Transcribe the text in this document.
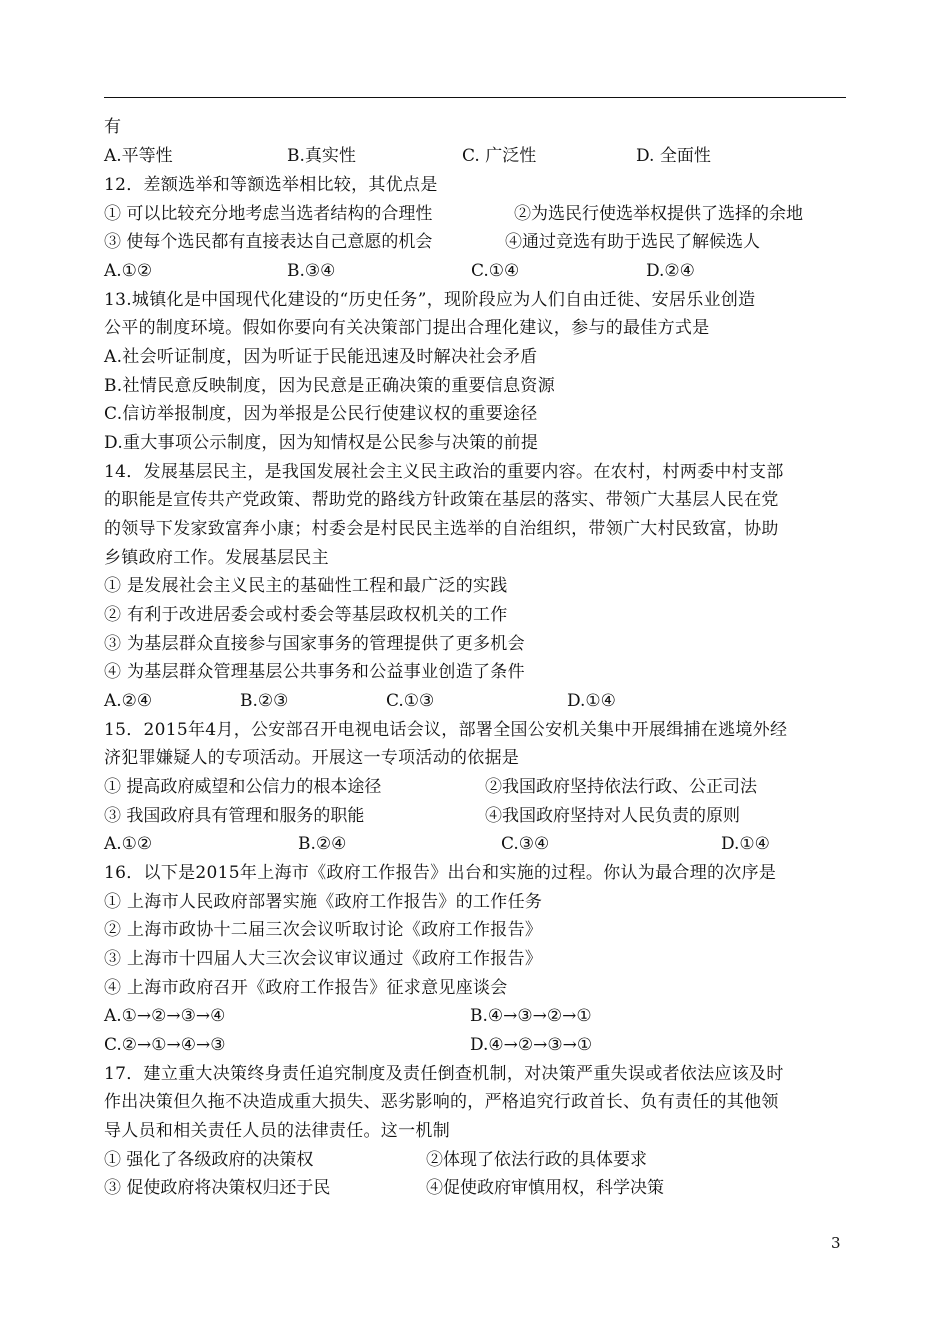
有
A.平等性	B.真实性	C. 广泛性	D. 全面性
12．差额选举和等额选举相比较，其优点是
① 可以比较充分地考虑当选者结构的合理性	②为选民行使选举权提供了选择的余地
③ 使每个选民都有直接表达自己意愿的机会	④通过竞选有助于选民了解候选人
A.①②	B.③④	C.①④	D.②④
13.城镇化是中国现代化建设的“历史任务”，现阶段应为人们自由迁徙、安居乐业创造
公平的制度环境。假如你要向有关决策部门提出合理化建议，参与的最佳方式是
A.社会听证制度，因为听证于民能迅速及时解决社会矛盾
B.社情民意反映制度，因为民意是正确决策的重要信息资源
C.信访举报制度，因为举报是公民行使建议权的重要途径
D.重大事项公示制度，因为知情权是公民参与决策的前提
14．发展基层民主，是我国发展社会主义民主政治的重要内容。在农村，村两委中村支部
的职能是宣传共产党政策、帮助党的路线方针政策在基层的落实、带领广大基层人民在党
的领导下发家致富奔小康；村委会是村民民主选举的自治组织，带领广大村民致富，协助
乡镇政府工作。发展基层民主
① 是发展社会主义民主的基础性工程和最广泛的实践
② 有利于改进居委会或村委会等基层政权机关的工作
③ 为基层群众直接参与国家事务的管理提供了更多机会
④ 为基层群众管理基层公共事务和公益事业创造了条件
A.②④	B.②③	C.①③	D.①④
15．2015年4月，公安部召开电视电话会议，部署全国公安机关集中开展缉捕在逃境外经
济犯罪嫌疑人的专项活动。开展这一专项活动的依据是
① 提高政府威望和公信力的根本途径	②我国政府坚持依法行政、公正司法
③ 我国政府具有管理和服务的职能	④我国政府坚持对人民负责的原则
A.①②	B.②④	C.③④	D.①④
16．以下是2015年上海市《政府工作报告》出台和实施的过程。你认为最合理的次序是
① 上海市人民政府部署实施《政府工作报告》的工作任务
② 上海市政协十二届三次会议听取讨论《政府工作报告》
③ 上海市十四届人大三次会议审议通过《政府工作报告》
④ 上海市政府召开《政府工作报告》征求意见座谈会
A.①→②→③→④	B.④→③→②→①
C.②→①→④→③	D.④→②→③→①
17．建立重大决策终身责任追究制度及责任倒查机制，对决策严重失误或者依法应该及时
作出决策但久拖不决造成重大损失、恶劣影响的，严格追究行政首长、负有责任的其他领
导人员和相关责任人员的法律责任。这一机制
① 强化了各级政府的决策权	②体现了依法行政的具体要求
③ 促使政府将决策权归还于民	④促使政府审慎用权，科学决策
3
